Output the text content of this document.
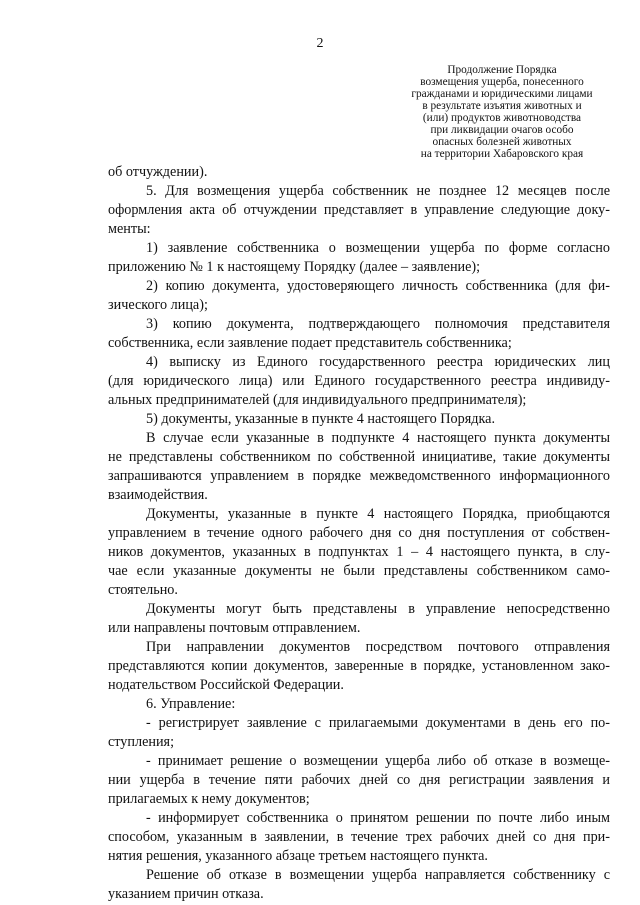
2
Продолжение Порядка
возмещения ущерба, понесенного
гражданами и юридическими лицами
в результате изъятия животных и
(или) продуктов животноводства
при ликвидации очагов особо
опасных болезней животных
на территории Хабаровского края
об отчуждении).
5. Для возмещения ущерба собственник не позднее 12 месяцев после
оформления акта об отчуждении представляет в управление следующие доку-
менты:
1) заявление собственника о возмещении ущерба по форме согласно
приложению № 1 к настоящему Порядку (далее – заявление);
2) копию документа, удостоверяющего личность собственника (для фи-
зического лица);
3) копию документа, подтверждающего полномочия представителя
собственника, если заявление подает представитель собственника;
4) выписку из Единого государственного реестра юридических лиц
(для юридического лица) или Единого государственного реестра индивиду-
альных предпринимателей (для индивидуального предпринимателя);
5) документы, указанные в пункте 4 настоящего Порядка.
В случае если указанные в подпункте 4 настоящего пункта документы
не представлены собственником по собственной инициативе, такие документы
запрашиваются управлением в порядке межведомственного информационного
взаимодействия.
Документы, указанные в пункте 4 настоящего Порядка, приобщаются
управлением в течение одного рабочего дня со дня поступления от собствен-
ников документов, указанных в подпунктах 1 – 4 настоящего пункта, в слу-
чае если указанные документы не были представлены собственником само-
стоятельно.
Документы могут быть представлены в управление непосредственно
или направлены почтовым отправлением.
При направлении документов посредством почтового отправления
представляются копии документов, заверенные в порядке, установленном зако-
нодательством Российской Федерации.
6. Управление:
- регистрирует заявление с прилагаемыми документами в день его по-
ступления;
- принимает решение о возмещении ущерба либо об отказе в возмеще-
нии ущерба в течение пяти рабочих дней со дня регистрации заявления и
прилагаемых к нему документов;
- информирует собственника о принятом решении по почте либо иным
способом, указанным в заявлении, в течение трех рабочих дней со дня при-
нятия решения, указанного абзаце третьем настоящего пункта.
Решение об отказе в возмещении ущерба направляется собственнику с
указанием причин отказа.
